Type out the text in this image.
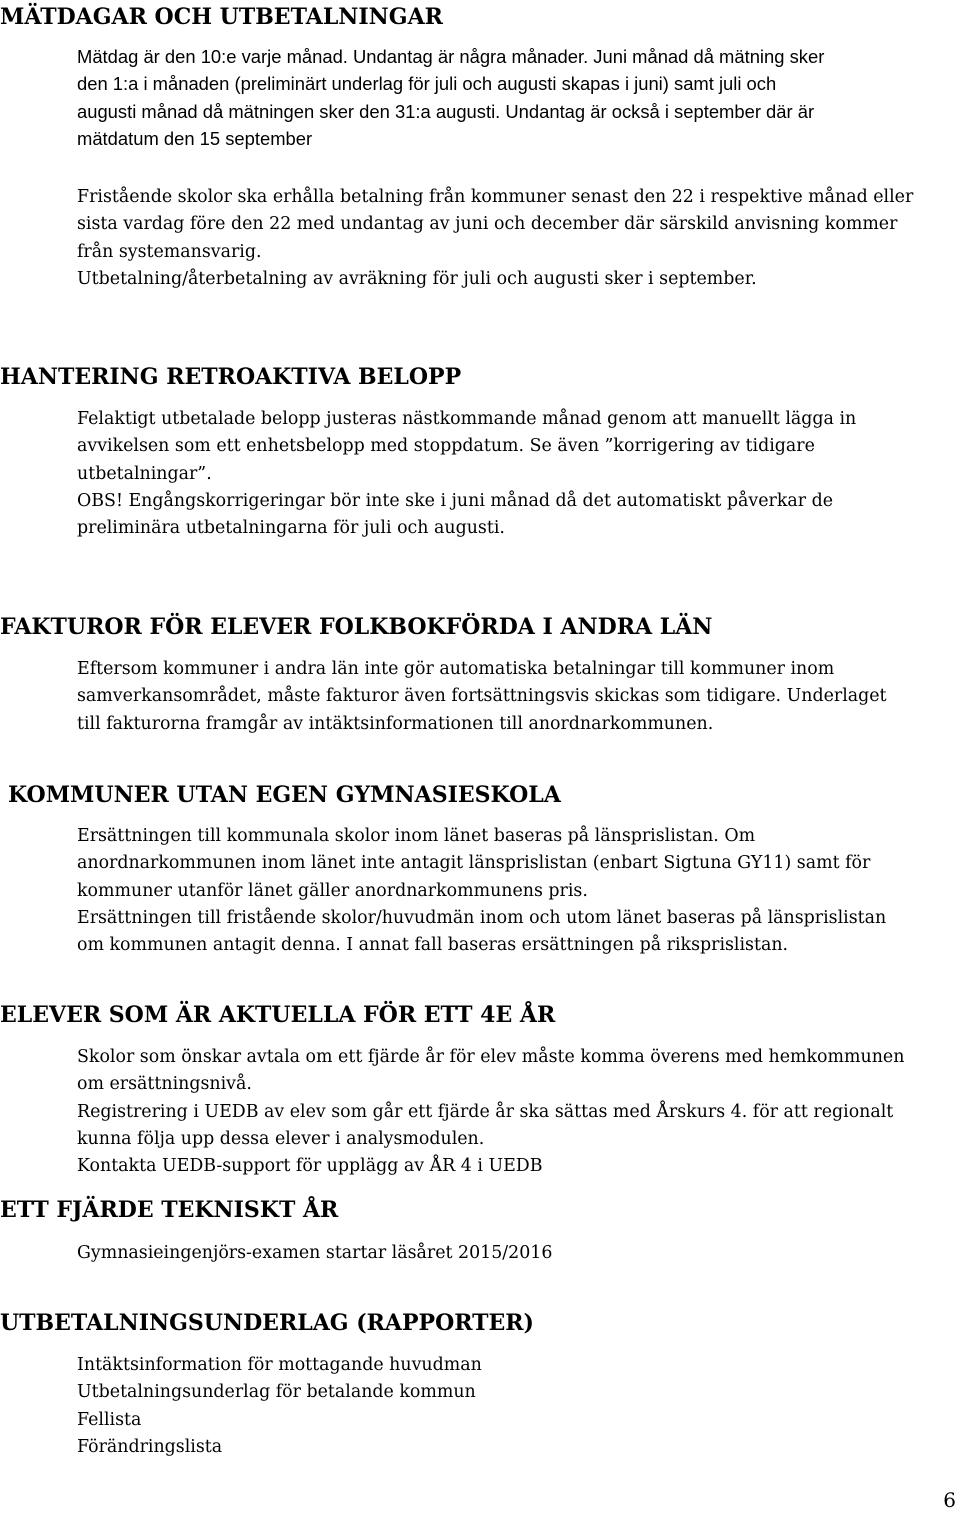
MÄTDAGAR OCH UTBETALNINGAR
Mätdag är den 10:e varje månad. Undantag är några månader. Juni månad då mätning sker
den 1:a i månaden (preliminärt underlag för juli och augusti skapas i juni) samt juli och
augusti månad då mätningen sker den 31:a augusti. Undantag är också i september där är
mätdatum den 15 september
Fristående skolor ska erhålla betalning från kommuner senast den 22 i respektive månad eller
sista vardag före den 22 med undantag av juni och december där särskild anvisning kommer
från systemansvarig.
Utbetalning/återbetalning av avräkning för juli och augusti sker i september.
HANTERING RETROAKTIVA BELOPP
Felaktigt utbetalade belopp justeras nästkommande månad genom att manuellt lägga in
avvikelsen som ett enhetsbelopp med stoppdatum. Se även ”korrigering av tidigare
utbetalningar”.
OBS! Engångskorrigeringar bör inte ske i juni månad då det automatiskt påverkar de
preliminära utbetalningarna för juli och augusti.
FAKTUROR FÖR ELEVER FOLKBOKFÖRDA I ANDRA LÄN
Eftersom kommuner i andra län inte gör automatiska betalningar till kommuner inom
samverkansområdet, måste fakturor även fortsättningsvis skickas som tidigare. Underlaget
till fakturorna framgår av intäktsinformationen till anordnarkommunen.
KOMMUNER UTAN EGEN GYMNASIESKOLA
Ersättningen till kommunala skolor inom länet baseras på länsprislistan. Om
anordnarkommunen inom länet inte antagit länsprislistan (enbart Sigtuna GY11) samt för
kommuner utanför länet gäller anordnarkommunens pris.
Ersättningen till fristående skolor/huvudmän inom och utom länet baseras på länsprislistan
om kommunen antagit denna. I annat fall baseras ersättningen på riksprislistan.
ELEVER SOM ÄR AKTUELLA FÖR ETT 4E ÅR
Skolor som önskar avtala om ett fjärde år för elev måste komma överens med hemkommunen
om ersättningsnivå.
Registrering i UEDB av elev som går ett fjärde år ska sättas med Årskurs 4. för att regionalt
kunna följa upp dessa elever i analysmodulen.
Kontakta UEDB-support för upplägg av ÅR 4 i UEDB
ETT FJÄRDE TEKNISKT ÅR
Gymnasieingenjörs-examen startar läsåret 2015/2016
UTBETALNINGSUNDERLAG (RAPPORTER)
Intäktsinformation för mottagande huvudman
Utbetalningsunderlag för betalande kommun
Fellista
Förändringslista
6
